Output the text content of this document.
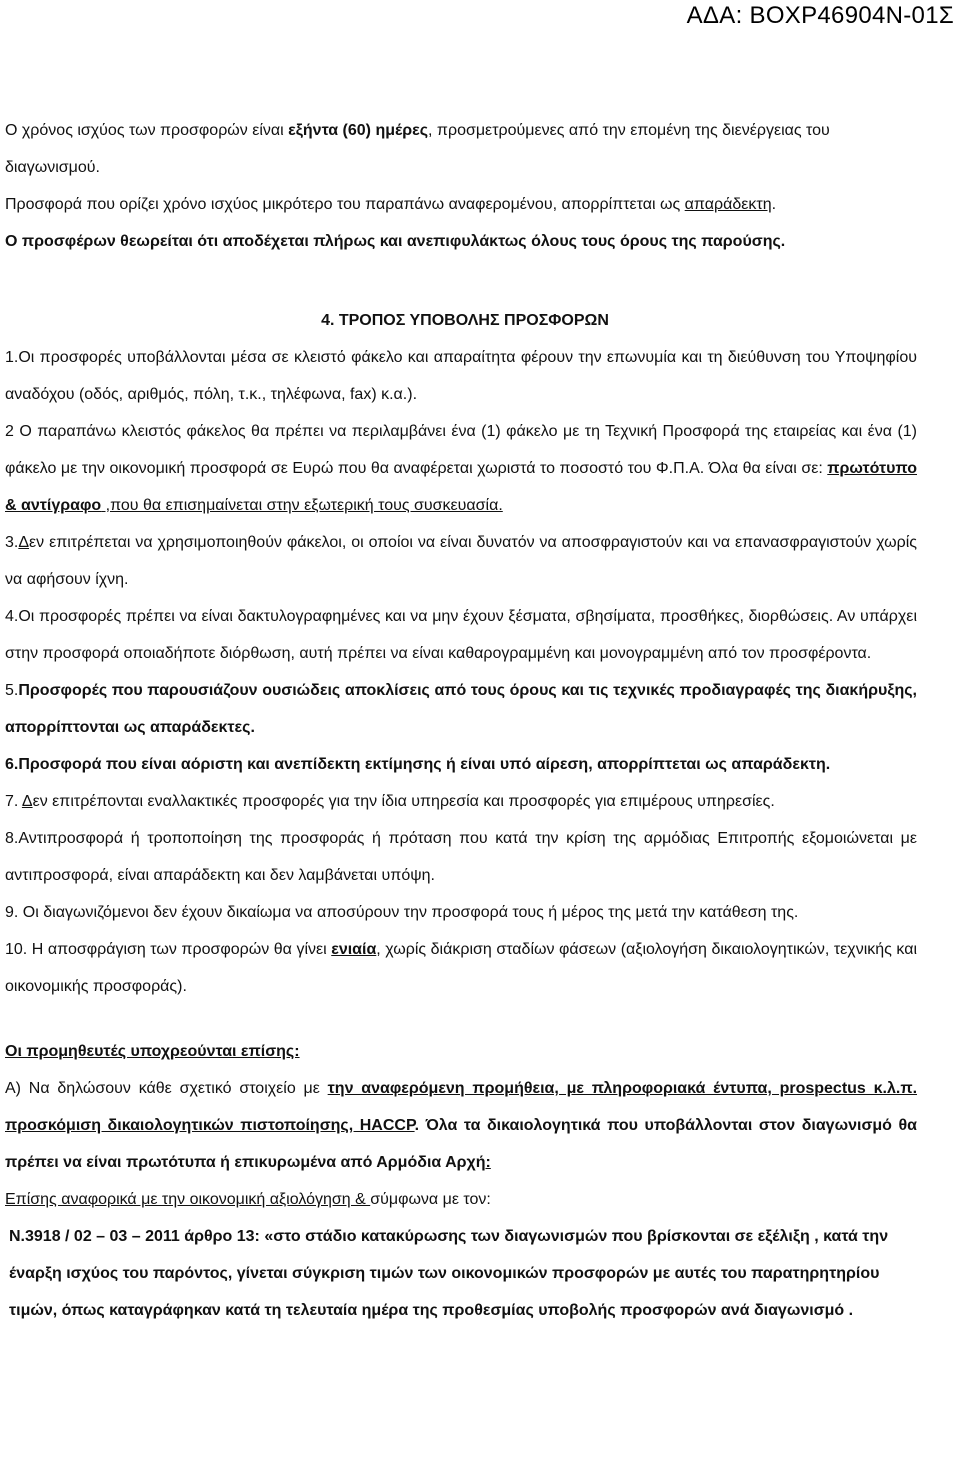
ΑΔΑ: ΒΟΧΡ46904Ν-01Σ

Ο χρόνος ισχύος των προσφορών είναι εξήντα (60) ημέρες, προσμετρούμενες από την επομένη της διενέργειας του διαγωνισμού.

Προσφορά που ορίζει χρόνο ισχύος μικρότερο του παραπάνω αναφερομένου, απορρίπτεται ως απαράδεκτη.

Ο προσφέρων θεωρείται ότι αποδέχεται πλήρως και ανεπιφυλάκτως όλους τους όρους της παρούσης.

4. ΤΡΟΠΟΣ ΥΠΟΒΟΛΗΣ ΠΡΟΣΦΟΡΩΝ

1.Οι προσφορές υποβάλλονται μέσα σε κλειστό φάκελο και απαραίτητα φέρουν την επωνυμία και τη διεύθυνση του Υποψηφίου αναδόχου (οδός, αριθμός, πόλη, τ.κ., τηλέφωνα, fax) κ.α.).

2 Ο παραπάνω κλειστός φάκελος θα πρέπει να περιλαμβάνει ένα (1) φάκελο με τη Τεχνική Προσφορά της εταιρείας και ένα (1) φάκελο με την οικονομική προσφορά σε Ευρώ που θα αναφέρεται χωριστά το ποσοστό του Φ.Π.Α. Όλα θα είναι σε: πρωτότυπο & αντίγραφο ,που θα επισημαίνεται στην εξωτερική τους συσκευασία.

3.Δεν επιτρέπεται να χρησιμοποιηθούν φάκελοι, οι οποίοι να είναι δυνατόν να αποσφραγιστούν και να επανασφραγιστούν χωρίς να αφήσουν ίχνη.

4.Οι προσφορές πρέπει να είναι δακτυλογραφημένες και να μην έχουν ξέσματα, σβησίματα, προσθήκες, διορθώσεις. Αν υπάρχει στην προσφορά οποιαδήποτε διόρθωση, αυτή πρέπει να είναι καθαρογραμμένη και μονογραμμένη από τον προσφέροντα.

5.Προσφορές που παρουσιάζουν ουσιώδεις αποκλίσεις από τους όρους και τις τεχνικές προδιαγραφές της διακήρυξης, απορρίπτονται ως απαράδεκτες.

6.Προσφορά που είναι αόριστη και ανεπίδεκτη εκτίμησης ή είναι υπό αίρεση, απορρίπτεται ως απαράδεκτη.

7. Δεν επιτρέπονται εναλλακτικές προσφορές για την ίδια υπηρεσία και προσφορές για επιμέρους υπηρεσίες.

8.Αντιπροσφορά ή τροποποίηση της προσφοράς ή πρόταση που κατά την κρίση της αρμόδιας Επιτροπής εξομοιώνεται με αντιπροσφορά, είναι απαράδεκτη και δεν λαμβάνεται υπόψη.

9. Οι διαγωνιζόμενοι δεν έχουν δικαίωμα να αποσύρουν την προσφορά τους ή μέρος της μετά την κατάθεση της.

10. Η αποσφράγιση των προσφορών θα γίνει ενιαία, χωρίς διάκριση σταδίων φάσεων (αξιολογήση δικαιολογητικών, τεχνικής και οικονομικής προσφοράς).

Οι προμηθευτές υποχρεούνται επίσης:

Α) Να δηλώσουν κάθε σχετικό στοιχείο με την αναφερόμενη προμήθεια, με πληροφοριακά έντυπα, prospectus κ.λ.π. προσκόμιση δικαιολογητικών πιστοποίησης, HACCP. Όλα τα δικαιολογητικά που υποβάλλονται στον διαγωνισμό θα πρέπει να είναι πρωτότυπα ή επικυρωμένα από Αρμόδια Αρχή:

Επίσης αναφορικά με την οικονομική αξιολόγηση & σύμφωνα με τον:

Ν.3918 / 02 – 03 – 2011 άρθρο 13: «στο στάδιο κατακύρωσης των διαγωνισμών που βρίσκονται σε εξέλιξη , κατά την έναρξη ισχύος του παρόντος, γίνεται σύγκριση τιμών των οικονομικών προσφορών με αυτές του παρατηρητηρίου τιμών, όπως καταγράφηκαν κατά τη τελευταία ημέρα της προθεσμίας υποβολής προσφορών ανά διαγωνισμό .
